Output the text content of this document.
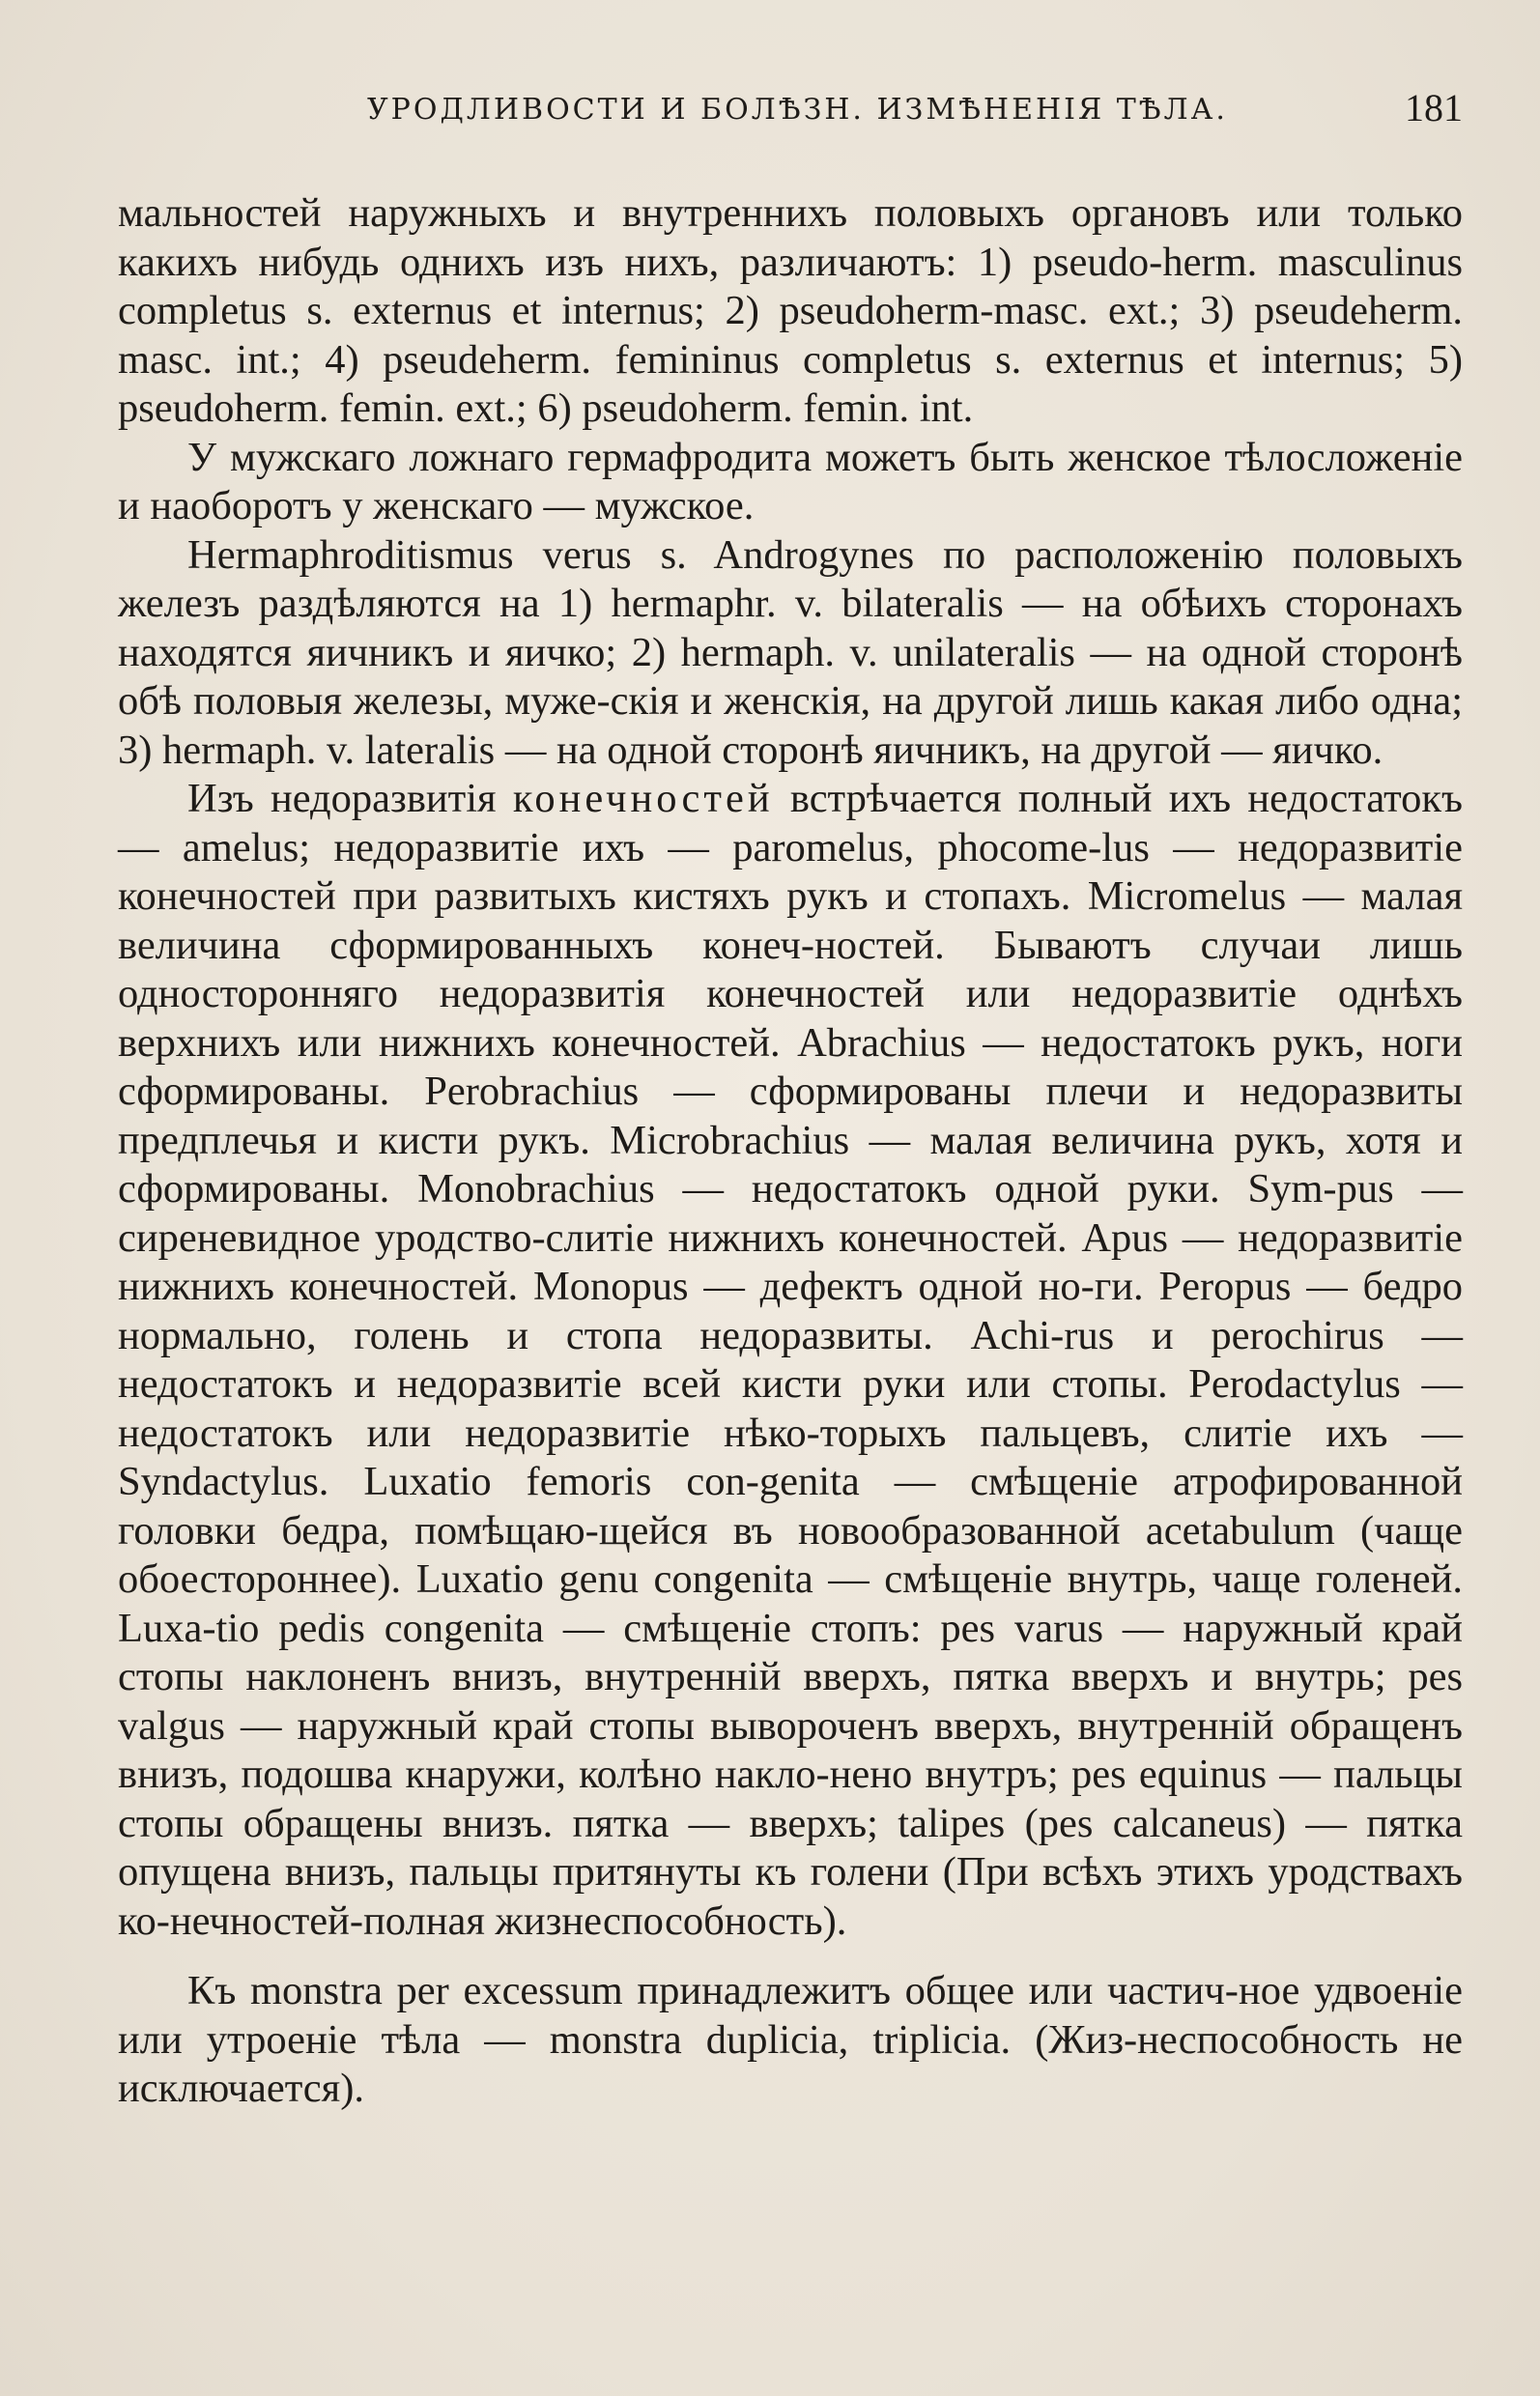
УРОДЛИВОСТИ И БОЛѢЗН. ИЗМѢНЕНІЯ ТѢЛА.	181

мальностей наружныхъ и внутреннихъ половыхъ органовъ или только какихъ нибудь однихъ изъ нихъ, различаютъ: 1) pseudo-herm. masculinus completus s. externus et internus; 2) pseudoherm-masc. ext.; 3) pseudeherm. masc. int.; 4) pseudeherm. femininus completus s. externus et internus; 5) pseudoherm. femin. ext.; 6) pseudoherm. femin. int.

У мужскаго ложнаго гермафродита можетъ быть женское тѣлосложеніе и наоборотъ у женскаго — мужское.

Hermaphroditismus verus s. Androgynes по расположенію половыхъ железъ раздѣляются на 1) hermaphr. v. bilateralis — на обѣихъ сторонахъ находятся яичникъ и яичко; 2) hermaph. v. unilateralis — на одной сторонѣ обѣ половыя железы, муже-скія и женскія, на другой лишь какая либо одна; 3) hermaph. v. lateralis — на одной сторонѣ яичникъ, на другой — яичко.

Изъ недоразвитія конечностей встрѣчается полный ихъ недостатокъ — amelus; недоразвитіе ихъ — paromelus, phocome-lus — недоразвитіе конечностей при развитыхъ кистяхъ рукъ и стопахъ. Micromelus — малая величина сформированныхъ конеч-ностей. Бываютъ случаи лишь односторонняго недоразвитія конечностей или недоразвитіе однѣхъ верхнихъ или нижнихъ конечностей. Abrachius — недостатокъ рукъ, ноги сформированы. Perobrachius — сформированы плечи и недоразвиты предплечья и кисти рукъ. Microbrachius — малая величина рукъ, хотя и сформированы. Monobrachius — недостатокъ одной руки. Sym-pus — сиреневидное уродство-слитіе нижнихъ конечностей. Apus — недоразвитіе нижнихъ конечностей. Monopus — дефектъ одной но-ги. Peropus — бедро нормально, голень и стопа недоразвиты. Achi-rus и perochirus — недостатокъ и недоразвитіе всей кисти руки или стопы. Perodactylus — недостатокъ или недоразвитіе нѣко-торыхъ пальцевъ, слитіе ихъ — Syndactylus. Luxatio femoris con-genita — смѣщеніе атрофированной головки бедра, помѣщаю-щейся въ новообразованной acetabulum (чаще обоестороннее). Luxatio genu congenita — смѣщеніе внутрь, чаще голеней. Luxa-tio pedis congenita — смѣщеніе стопъ: pes varus — наружный край стопы наклоненъ внизъ, внутренній вверхъ, пятка вверхъ и внутрь; pes valgus — наружный край стопы вывороченъ вверхъ, внутренній обращенъ внизъ, подошва кнаружи, колѣно накло-нено внутръ; pes equinus — пальцы стопы обращены внизъ. пятка — вверхъ; talipes (pes calcaneus) — пятка опущена внизъ, пальцы притянуты къ голени (При всѣхъ этихъ уродствахъ ко-нечностей-полная жизнеспособность).

Къ monstra per excessum принадлежитъ общее или частич-ное удвоеніе или утроеніе тѣла — monstra duplicia, triplicia. (Жиз-неспособность не исключается).
